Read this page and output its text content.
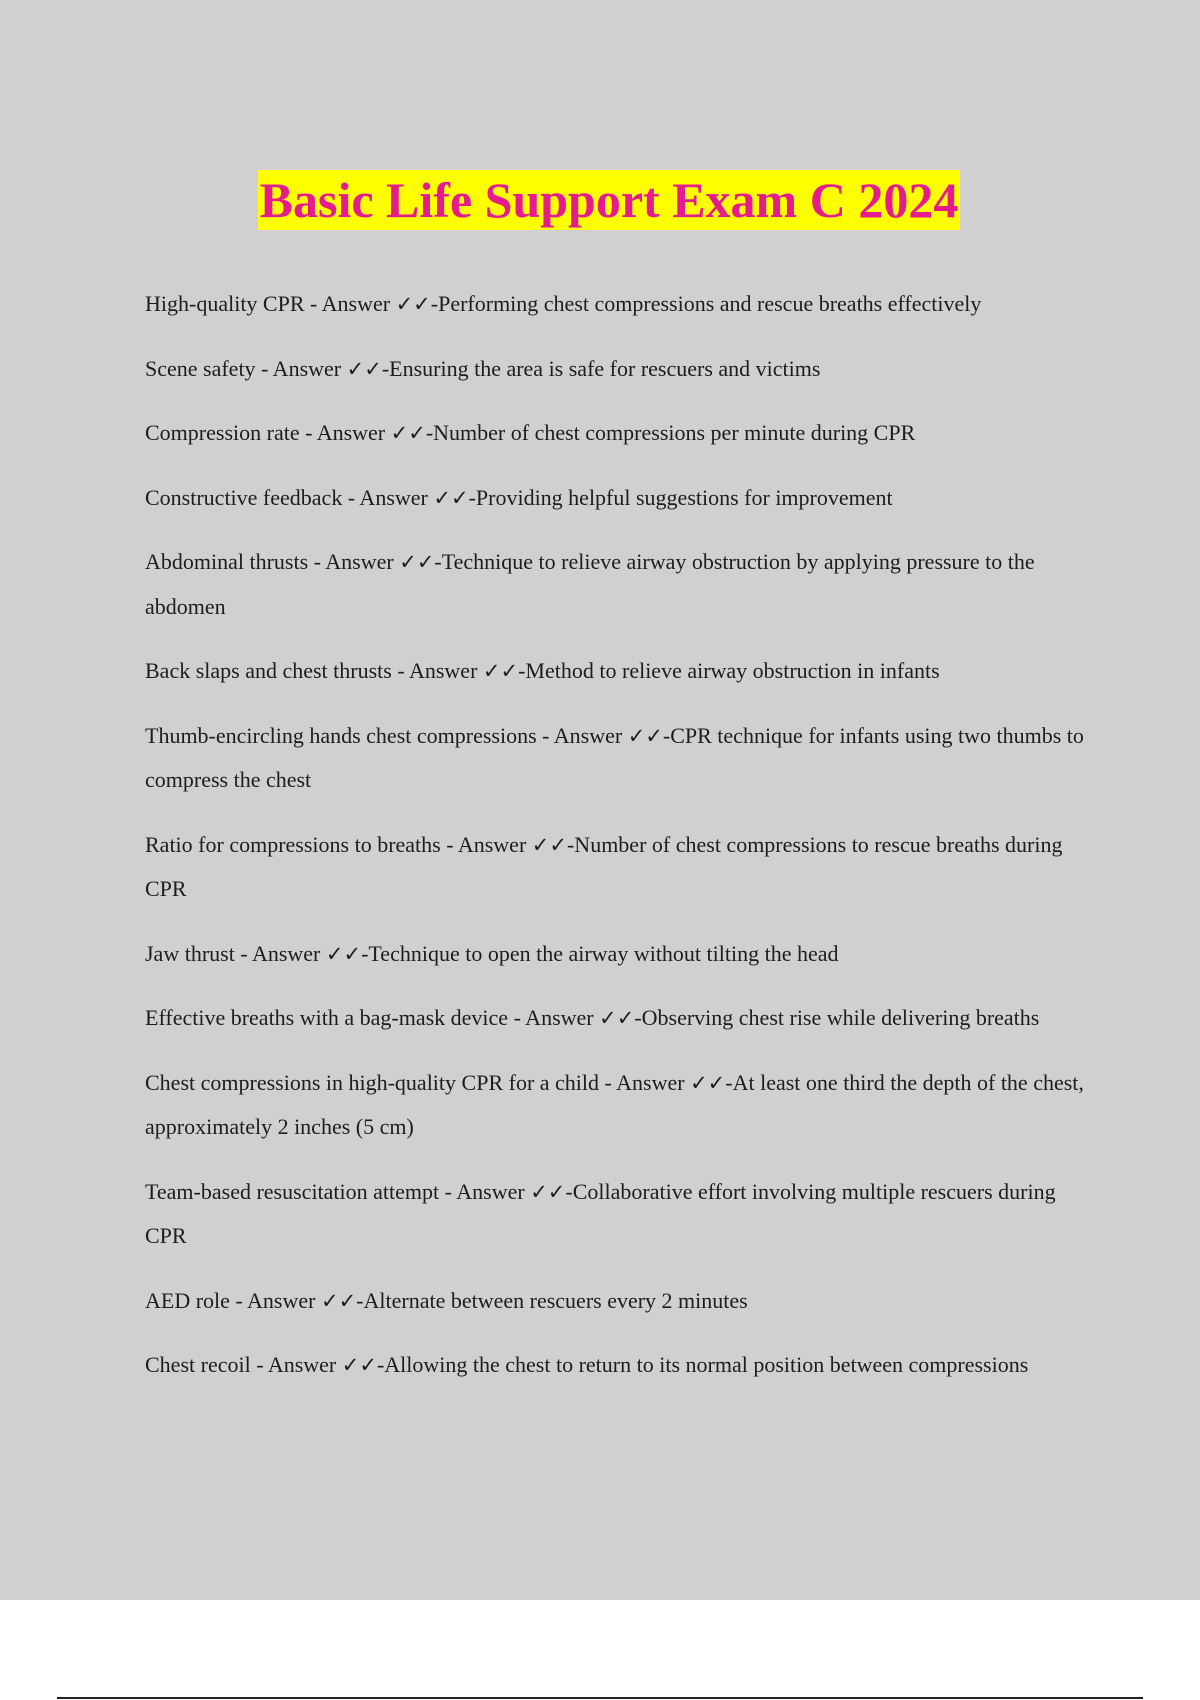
Basic Life Support Exam C 2024
High-quality CPR - Answer ✓✓-Performing chest compressions and rescue breaths effectively
Scene safety - Answer ✓✓-Ensuring the area is safe for rescuers and victims
Compression rate - Answer ✓✓-Number of chest compressions per minute during CPR
Constructive feedback - Answer ✓✓-Providing helpful suggestions for improvement
Abdominal thrusts - Answer ✓✓-Technique to relieve airway obstruction by applying pressure to the abdomen
Back slaps and chest thrusts - Answer ✓✓-Method to relieve airway obstruction in infants
Thumb-encircling hands chest compressions - Answer ✓✓-CPR technique for infants using two thumbs to compress the chest
Ratio for compressions to breaths - Answer ✓✓-Number of chest compressions to rescue breaths during CPR
Jaw thrust - Answer ✓✓-Technique to open the airway without tilting the head
Effective breaths with a bag-mask device - Answer ✓✓-Observing chest rise while delivering breaths
Chest compressions in high-quality CPR for a child - Answer ✓✓-At least one third the depth of the chest, approximately 2 inches (5 cm)
Team-based resuscitation attempt - Answer ✓✓-Collaborative effort involving multiple rescuers during CPR
AED role - Answer ✓✓-Alternate between rescuers every 2 minutes
Chest recoil - Answer ✓✓-Allowing the chest to return to its normal position between compressions
